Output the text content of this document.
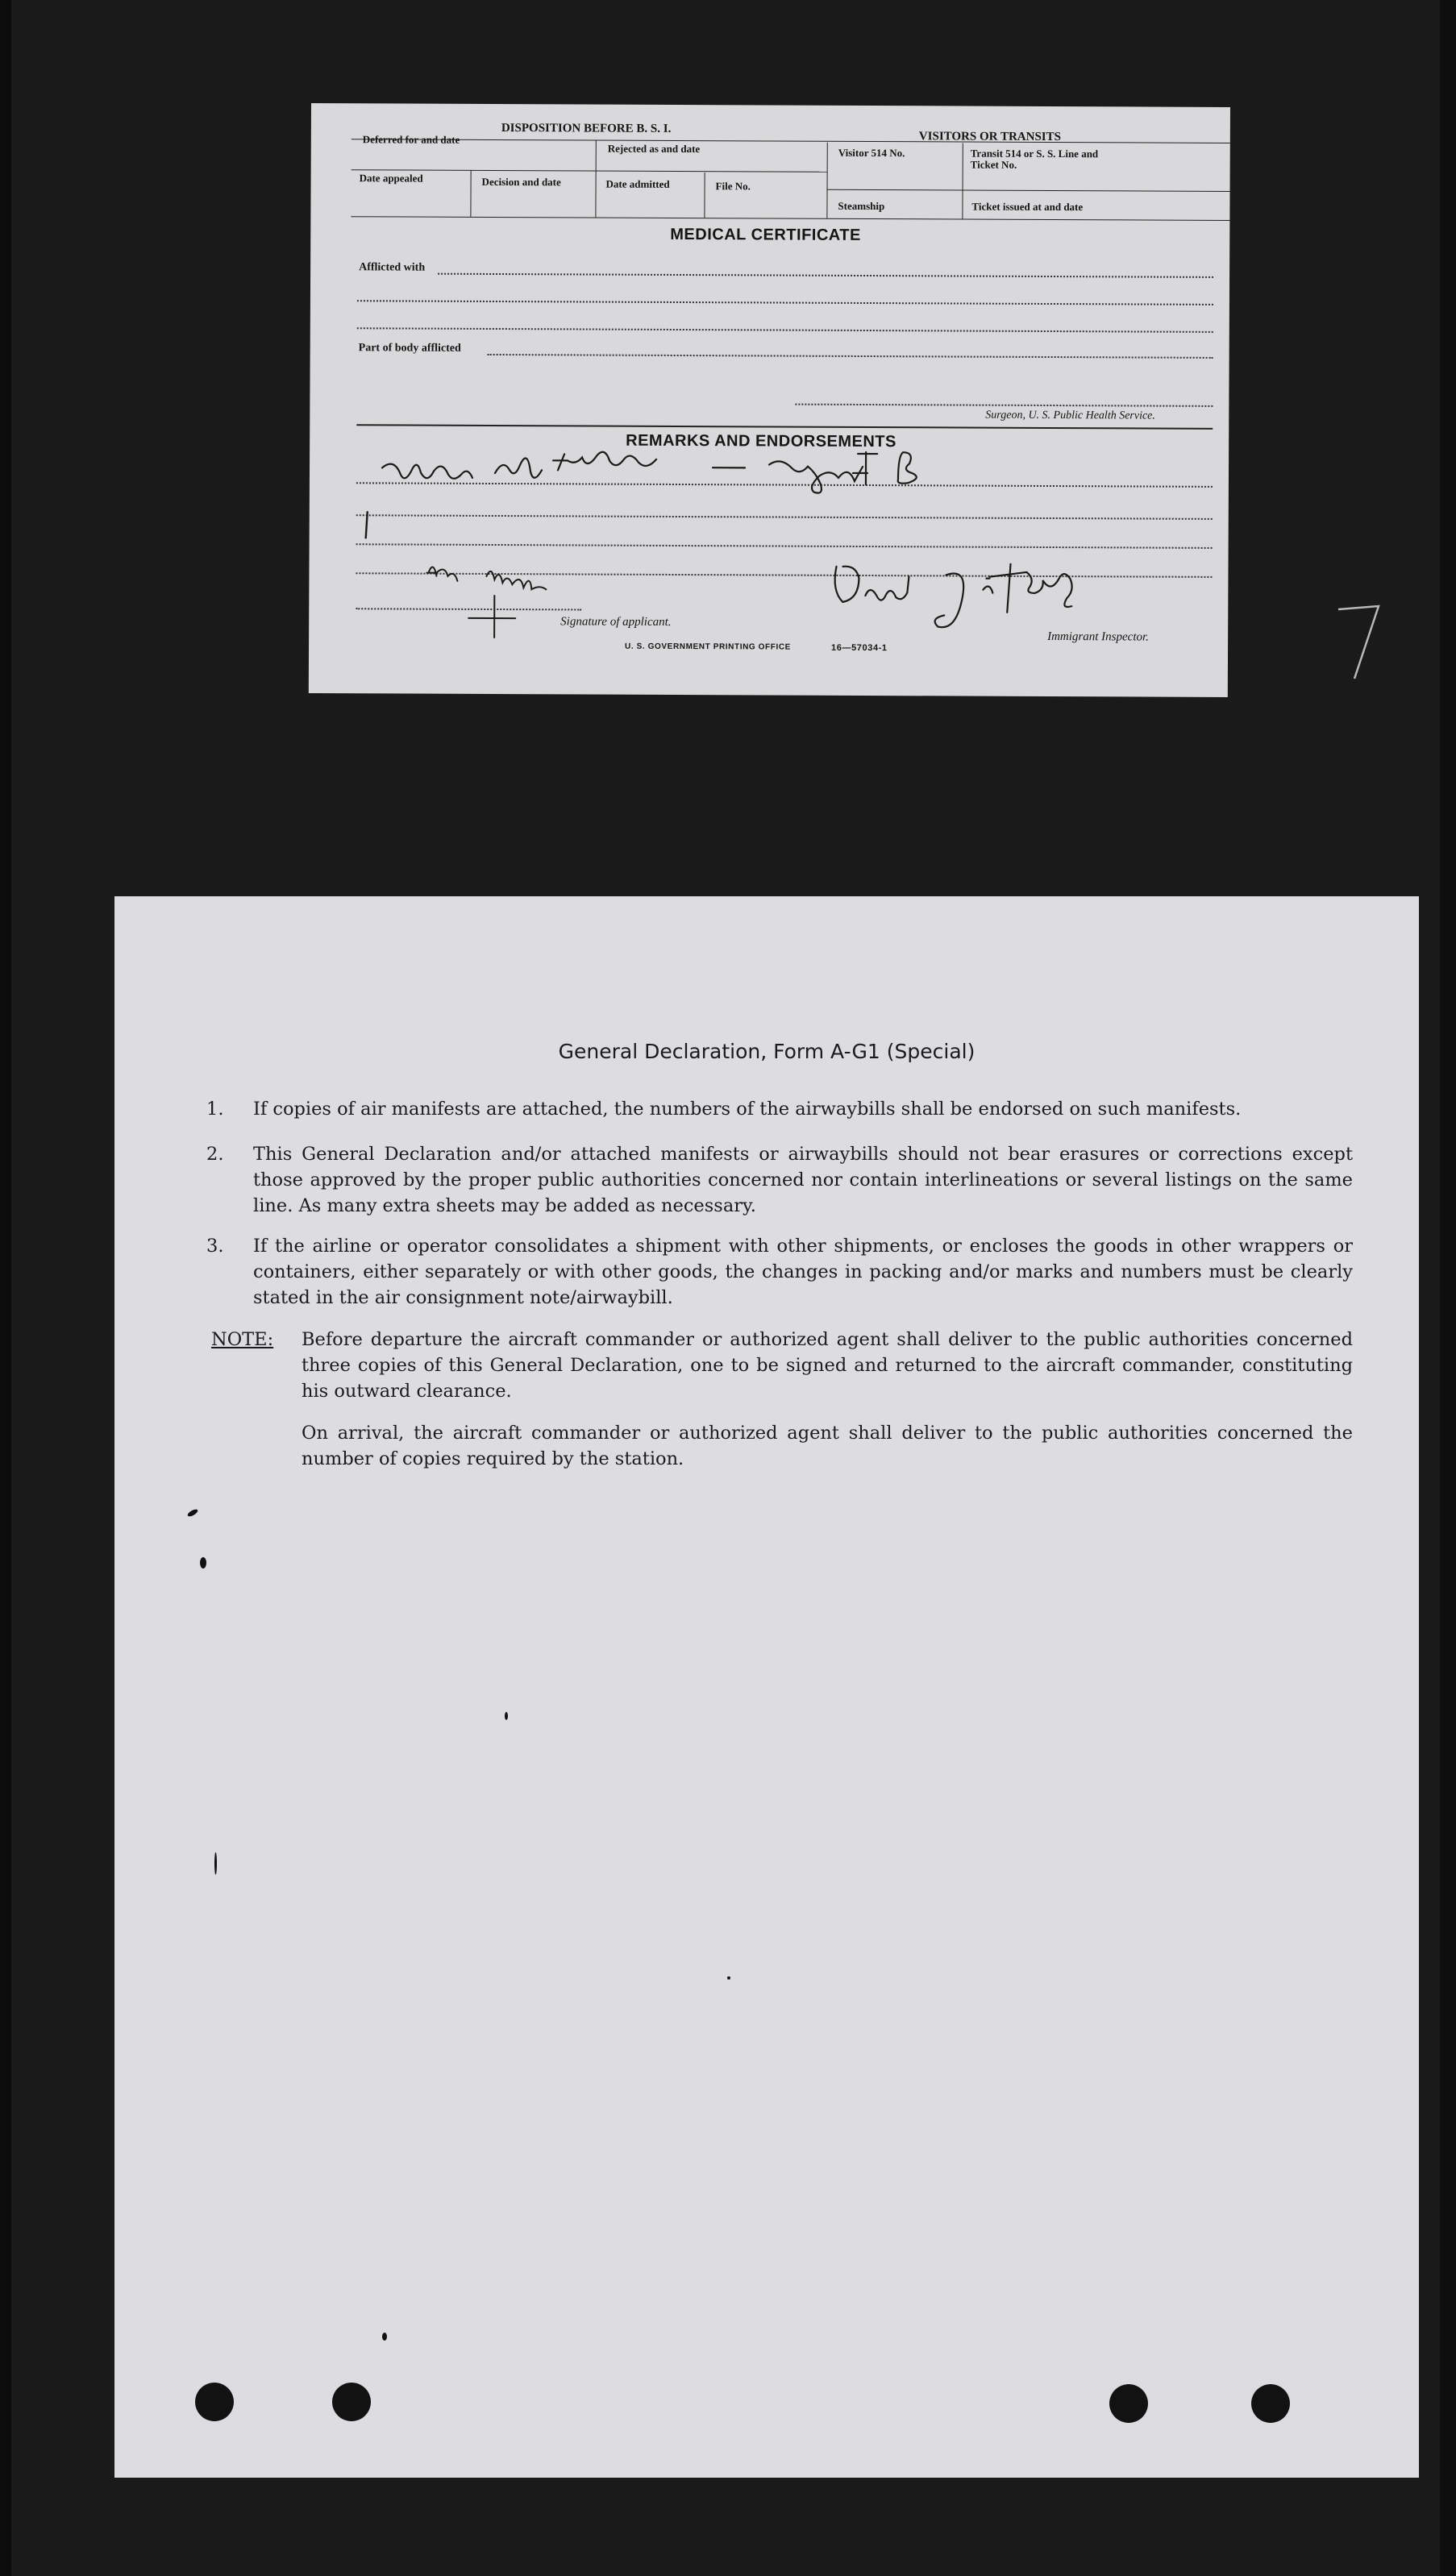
DISPOSITION BEFORE B. S. I.
VISITORS OR TRANSITS
Deferred for and date
Rejected as and date	Visitor 514 No.	Transit 514 or S. S. Line and Ticket No.
Date appealed	Decision and date	Date admitted	File No.
Steamship	Ticket issued at and date
MEDICAL CERTIFICATE
Afflicted with
Part of body afflicted
Surgeon, U. S. Public Health Service.
REMARKS AND ENDORSEMENTS
Signature of applicant.
Immigrant Inspector.
U. S. GOVERNMENT PRINTING OFFICE	16—57034-1
General Declaration, Form A-G1 (Special)
1. If copies of air manifests are attached, the numbers of the airwaybills shall be endorsed on such manifests.
2. This General Declaration and/or attached manifests or airwaybills should not bear erasures or corrections except those approved by the proper public authorities concerned nor contain interlineations or several listings on the same line. As many extra sheets may be added as necessary.
3. If the airline or operator consolidates a shipment with other shipments, or encloses the goods in other wrappers or containers, either separately or with other goods, the changes in packing and/or marks and numbers must be clearly stated in the air consignment note/airwaybill.
NOTE: Before departure the aircraft commander or authorized agent shall deliver to the public authorities concerned three copies of this General Declaration, one to be signed and returned to the aircraft commander, constituting his outward clearance.
On arrival, the aircraft commander or authorized agent shall deliver to the public authorities concerned the number of copies required by the station.
